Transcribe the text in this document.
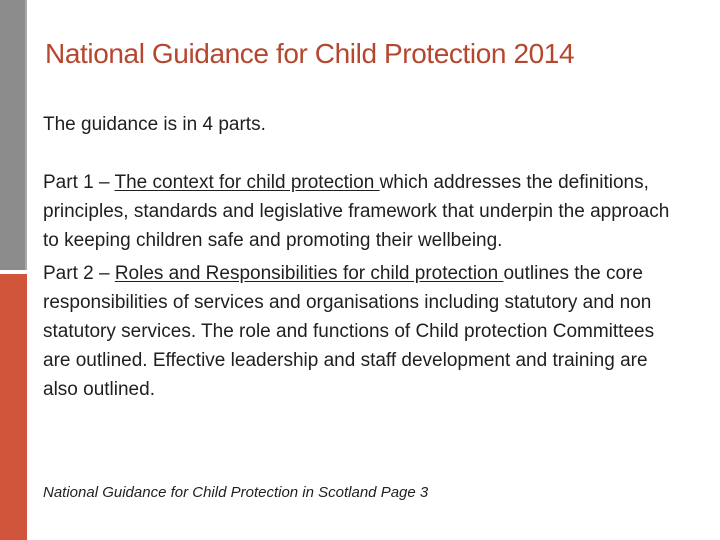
National Guidance for Child Protection 2014

The guidance is in 4 parts.

Part 1 – The context for child protection which addresses the definitions, principles, standards and legislative framework that underpin the approach to keeping children safe and promoting their wellbeing.

Part 2 – Roles and Responsibilities for child protection outlines the core responsibilities of services and organisations including statutory and non statutory services. The role and functions of Child protection Committees are outlined. Effective leadership and staff development and training are also outlined.

National Guidance for Child Protection in Scotland Page 3
